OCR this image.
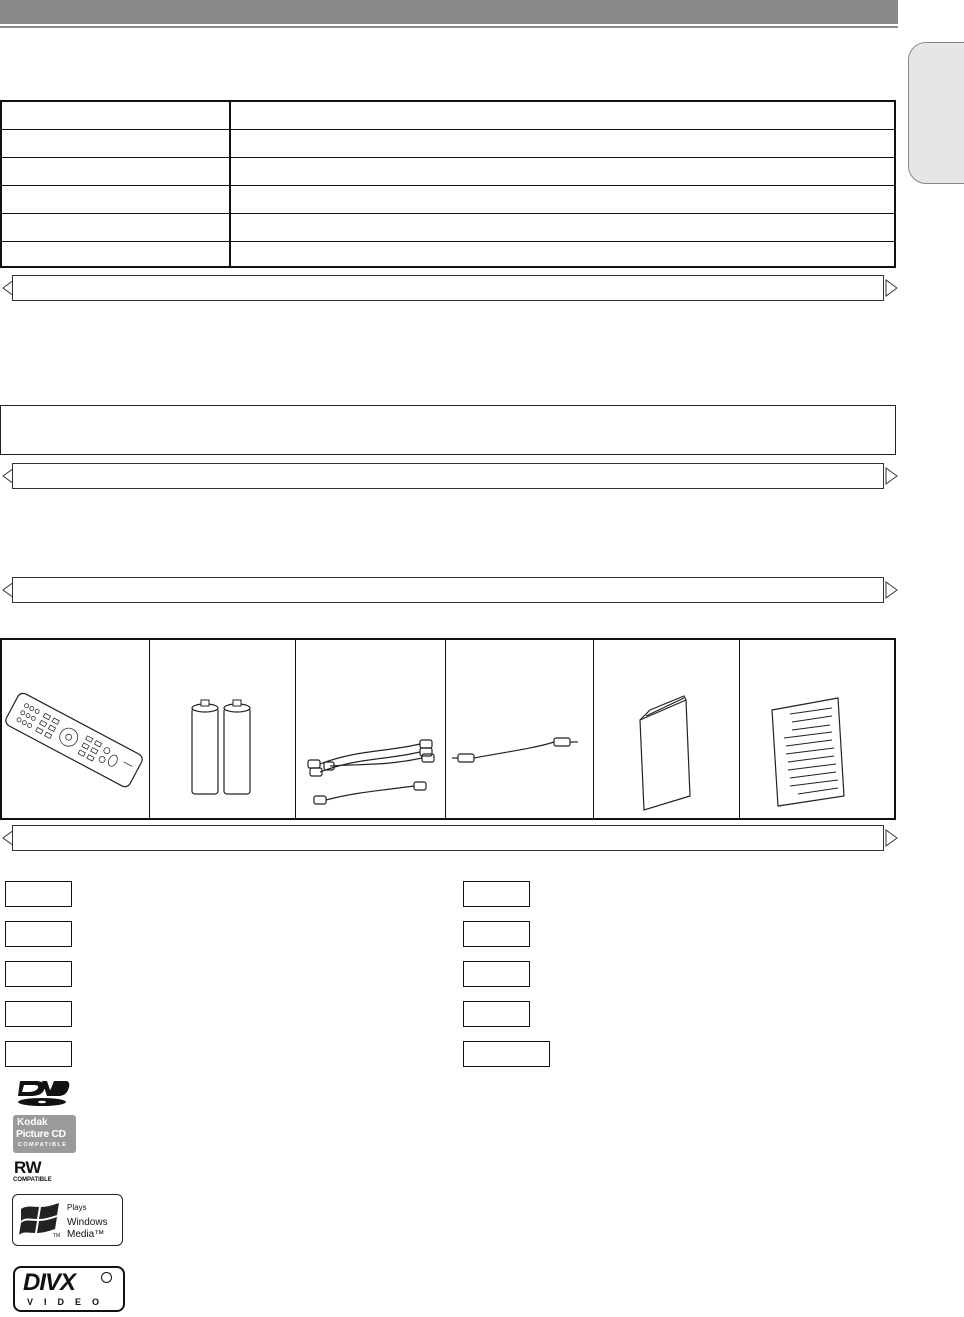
Kodak
Picture CD
COMPATIBLE
RW
COMPATIBLE
Plays
Windows
Media™
TM
DIVX
VIDEO
